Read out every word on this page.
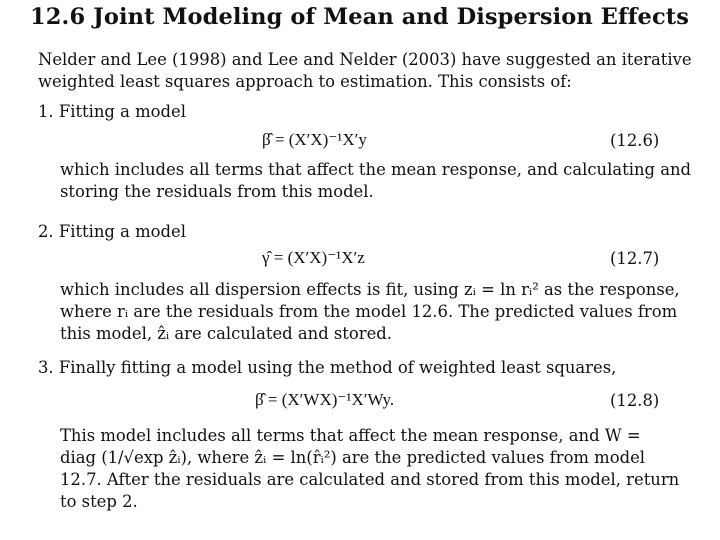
12.6 Joint Modeling of Mean and Dispersion Effects
Nelder and Lee (1998) and Lee and Nelder (2003) have suggested an iterative
weighted least squares approach to estimation. This consists of:
1. Fitting a model
β̂ = (X′X)⁻¹X′y	(12.6)
which includes all terms that affect the mean response, and calculating and
storing the residuals from this model.
2. Fitting a model
γ̂ = (X′X)⁻¹X′z	(12.7)
which includes all dispersion effects is fit, using zᵢ = ln rᵢ² as the response,
where rᵢ are the residuals from the model 12.6. The predicted values from
this model, ẑᵢ are calculated and stored.
3. Finally fitting a model using the method of weighted least squares,
β̂ = (X′WX)⁻¹X′Wy.	(12.8)
This model includes all terms that affect the mean response, and W =
diag (1/√exp ẑᵢ), where ẑᵢ = ln(r̂ᵢ²) are the predicted values from model
12.7. After the residuals are calculated and stored from this model, return
to step 2.
